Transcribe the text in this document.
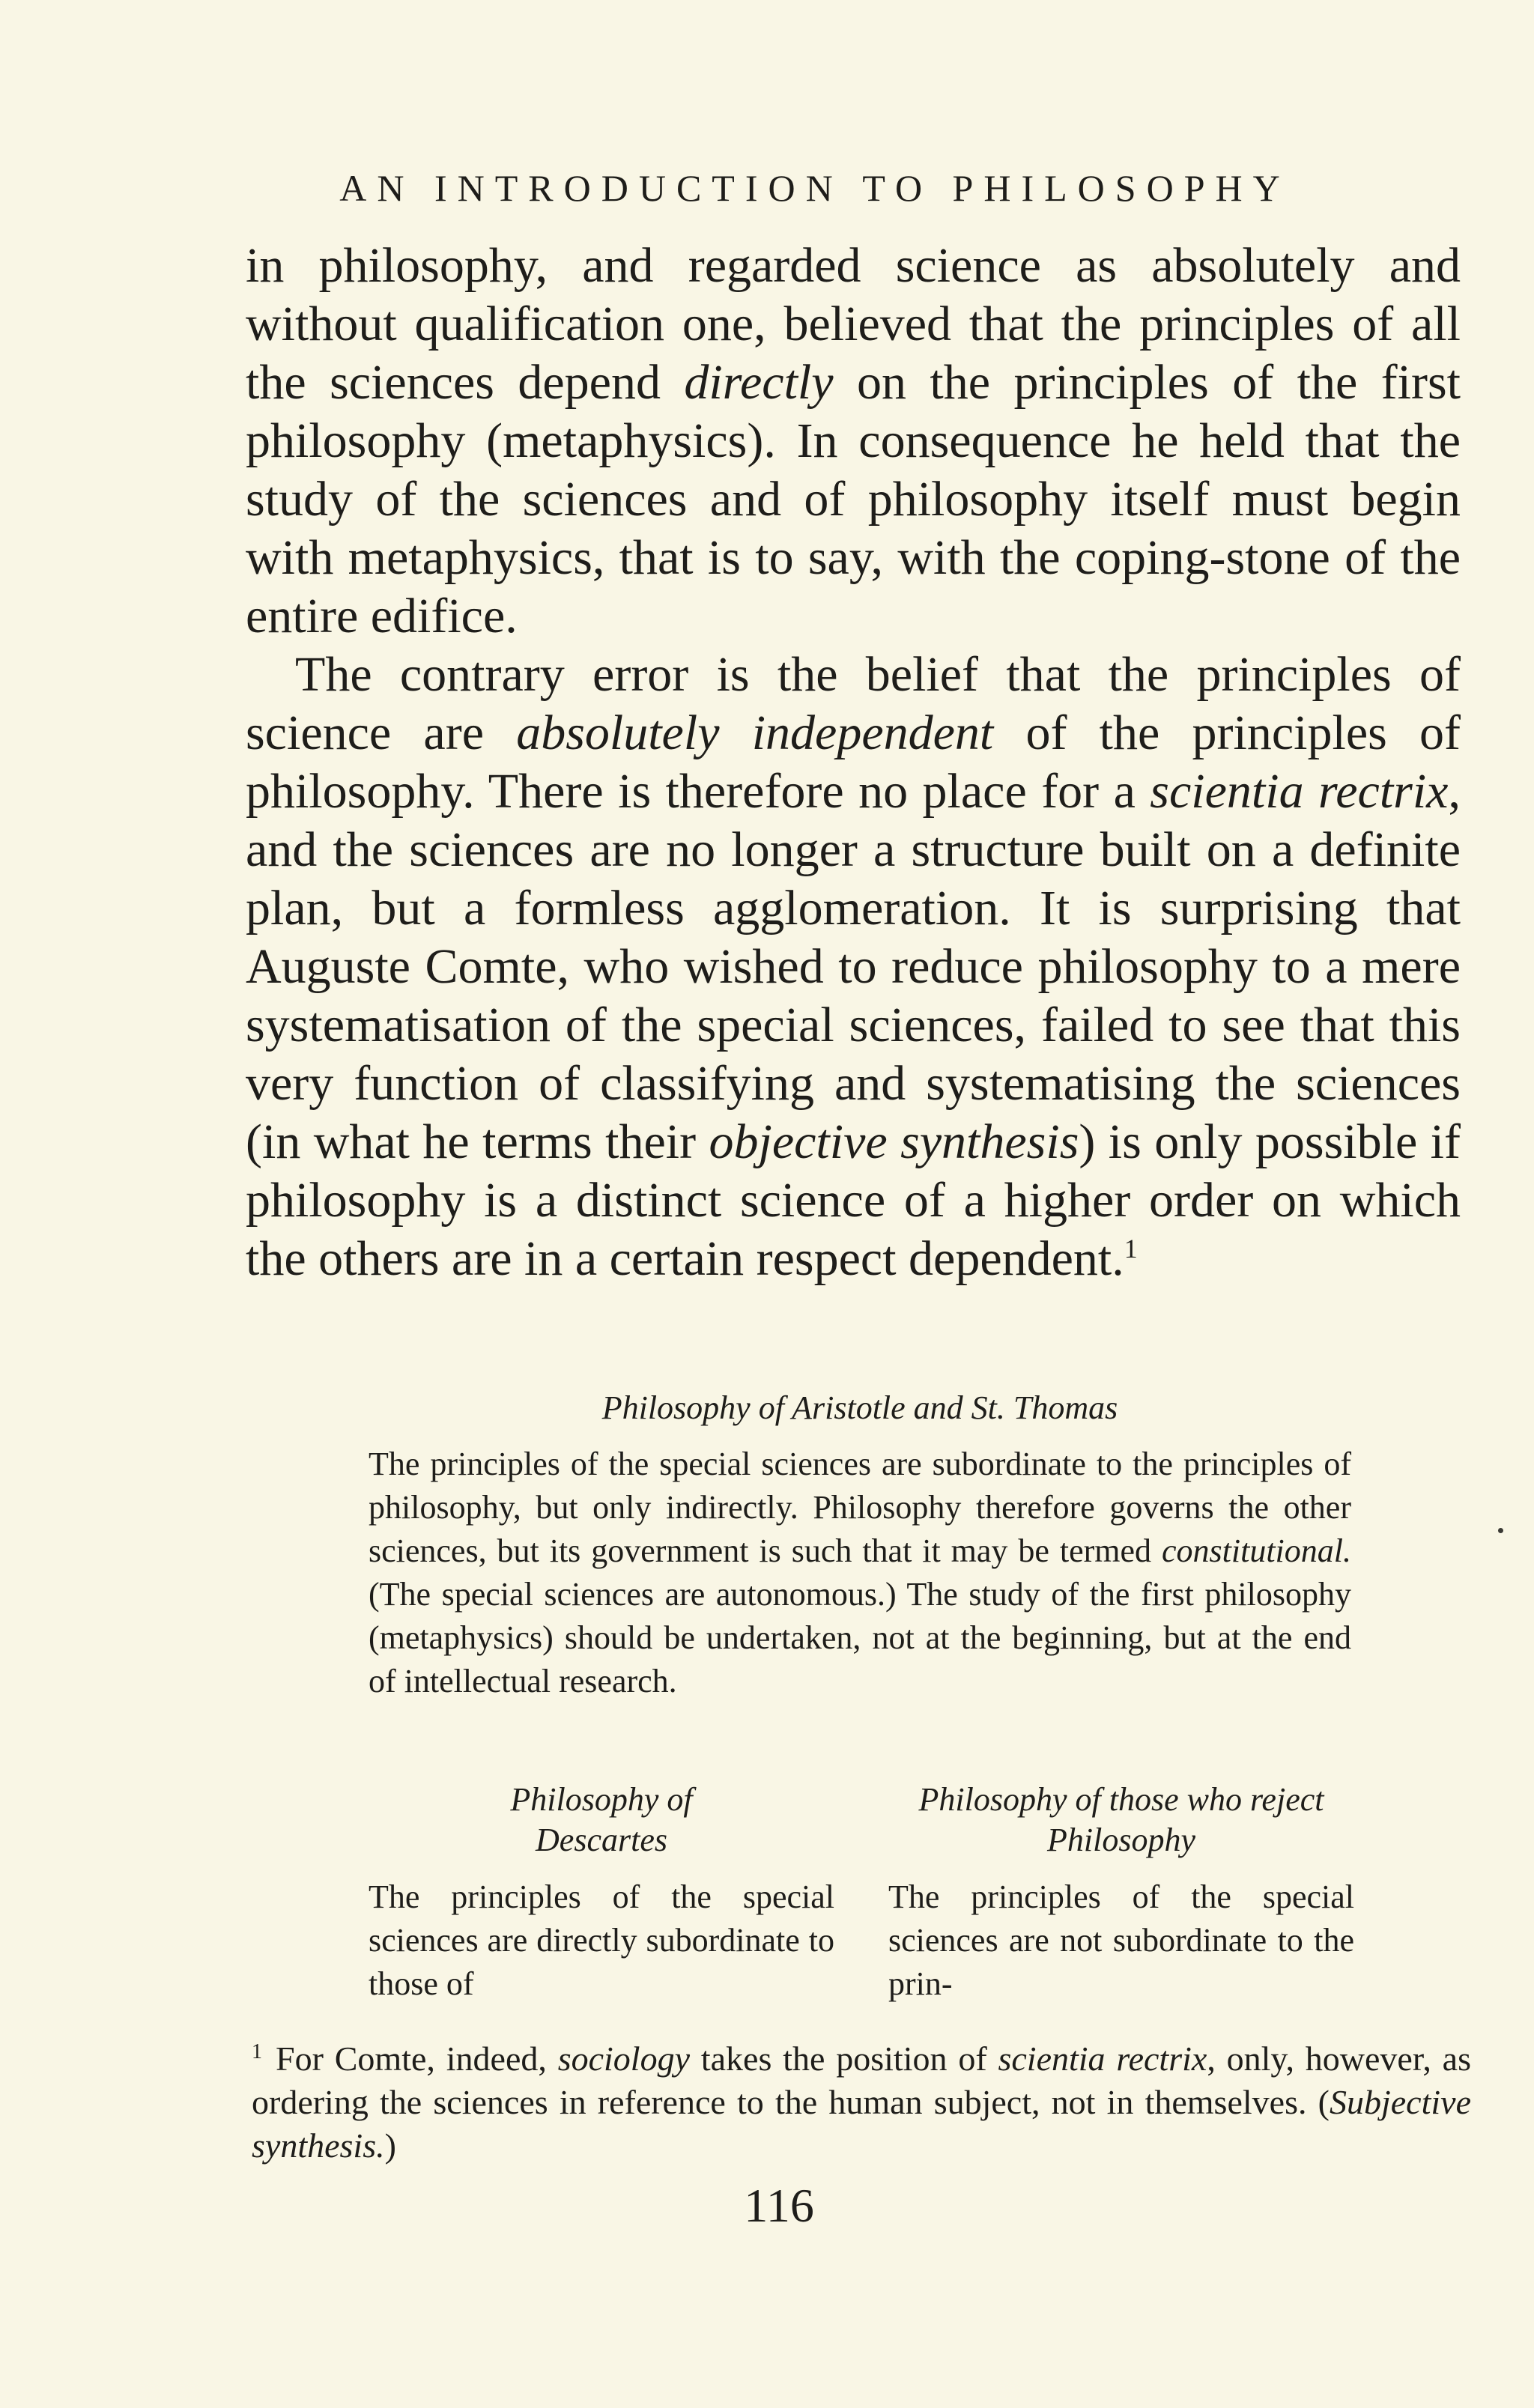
AN INTRODUCTION TO PHILOSOPHY

in philosophy, and regarded science as absolutely and without qualification one, believed that the principles of all the sciences depend directly on the principles of the first philosophy (metaphysics). In consequence he held that the study of the sciences and of philosophy itself must begin with metaphysics, that is to say, with the coping-stone of the entire edifice.

The contrary error is the belief that the principles of science are absolutely independent of the principles of philosophy. There is therefore no place for a scientia rectrix, and the sciences are no longer a structure built on a definite plan, but a formless agglomeration. It is surprising that Auguste Comte, who wished to reduce philosophy to a mere systematisation of the special sciences, failed to see that this very function of classifying and systematising the sciences (in what he terms their objective synthesis) is only possible if philosophy is a distinct science of a higher order on which the others are in a certain respect dependent.$^1$

Philosophy of Aristotle and St. Thomas

The principles of the special sciences are subordinate to the principles of philosophy, but only indirectly. Philosophy therefore governs the other sciences, but its government is such that it may be termed constitutional. (The special sciences are autonomous.) The study of the first philosophy (metaphysics) should be undertaken, not at the beginning, but at the end of intellectual research.

Philosophy of
Descartes

The principles of the special sciences are directly subordinate to those of

Philosophy of those who reject
Philosophy

The principles of the special sciences are not subordinate to the prin-

$^1$ For Comte, indeed, sociology takes the position of scientia rectrix, only, however, as ordering the sciences in reference to the human subject, not in themselves. (Subjective synthesis.)

116
